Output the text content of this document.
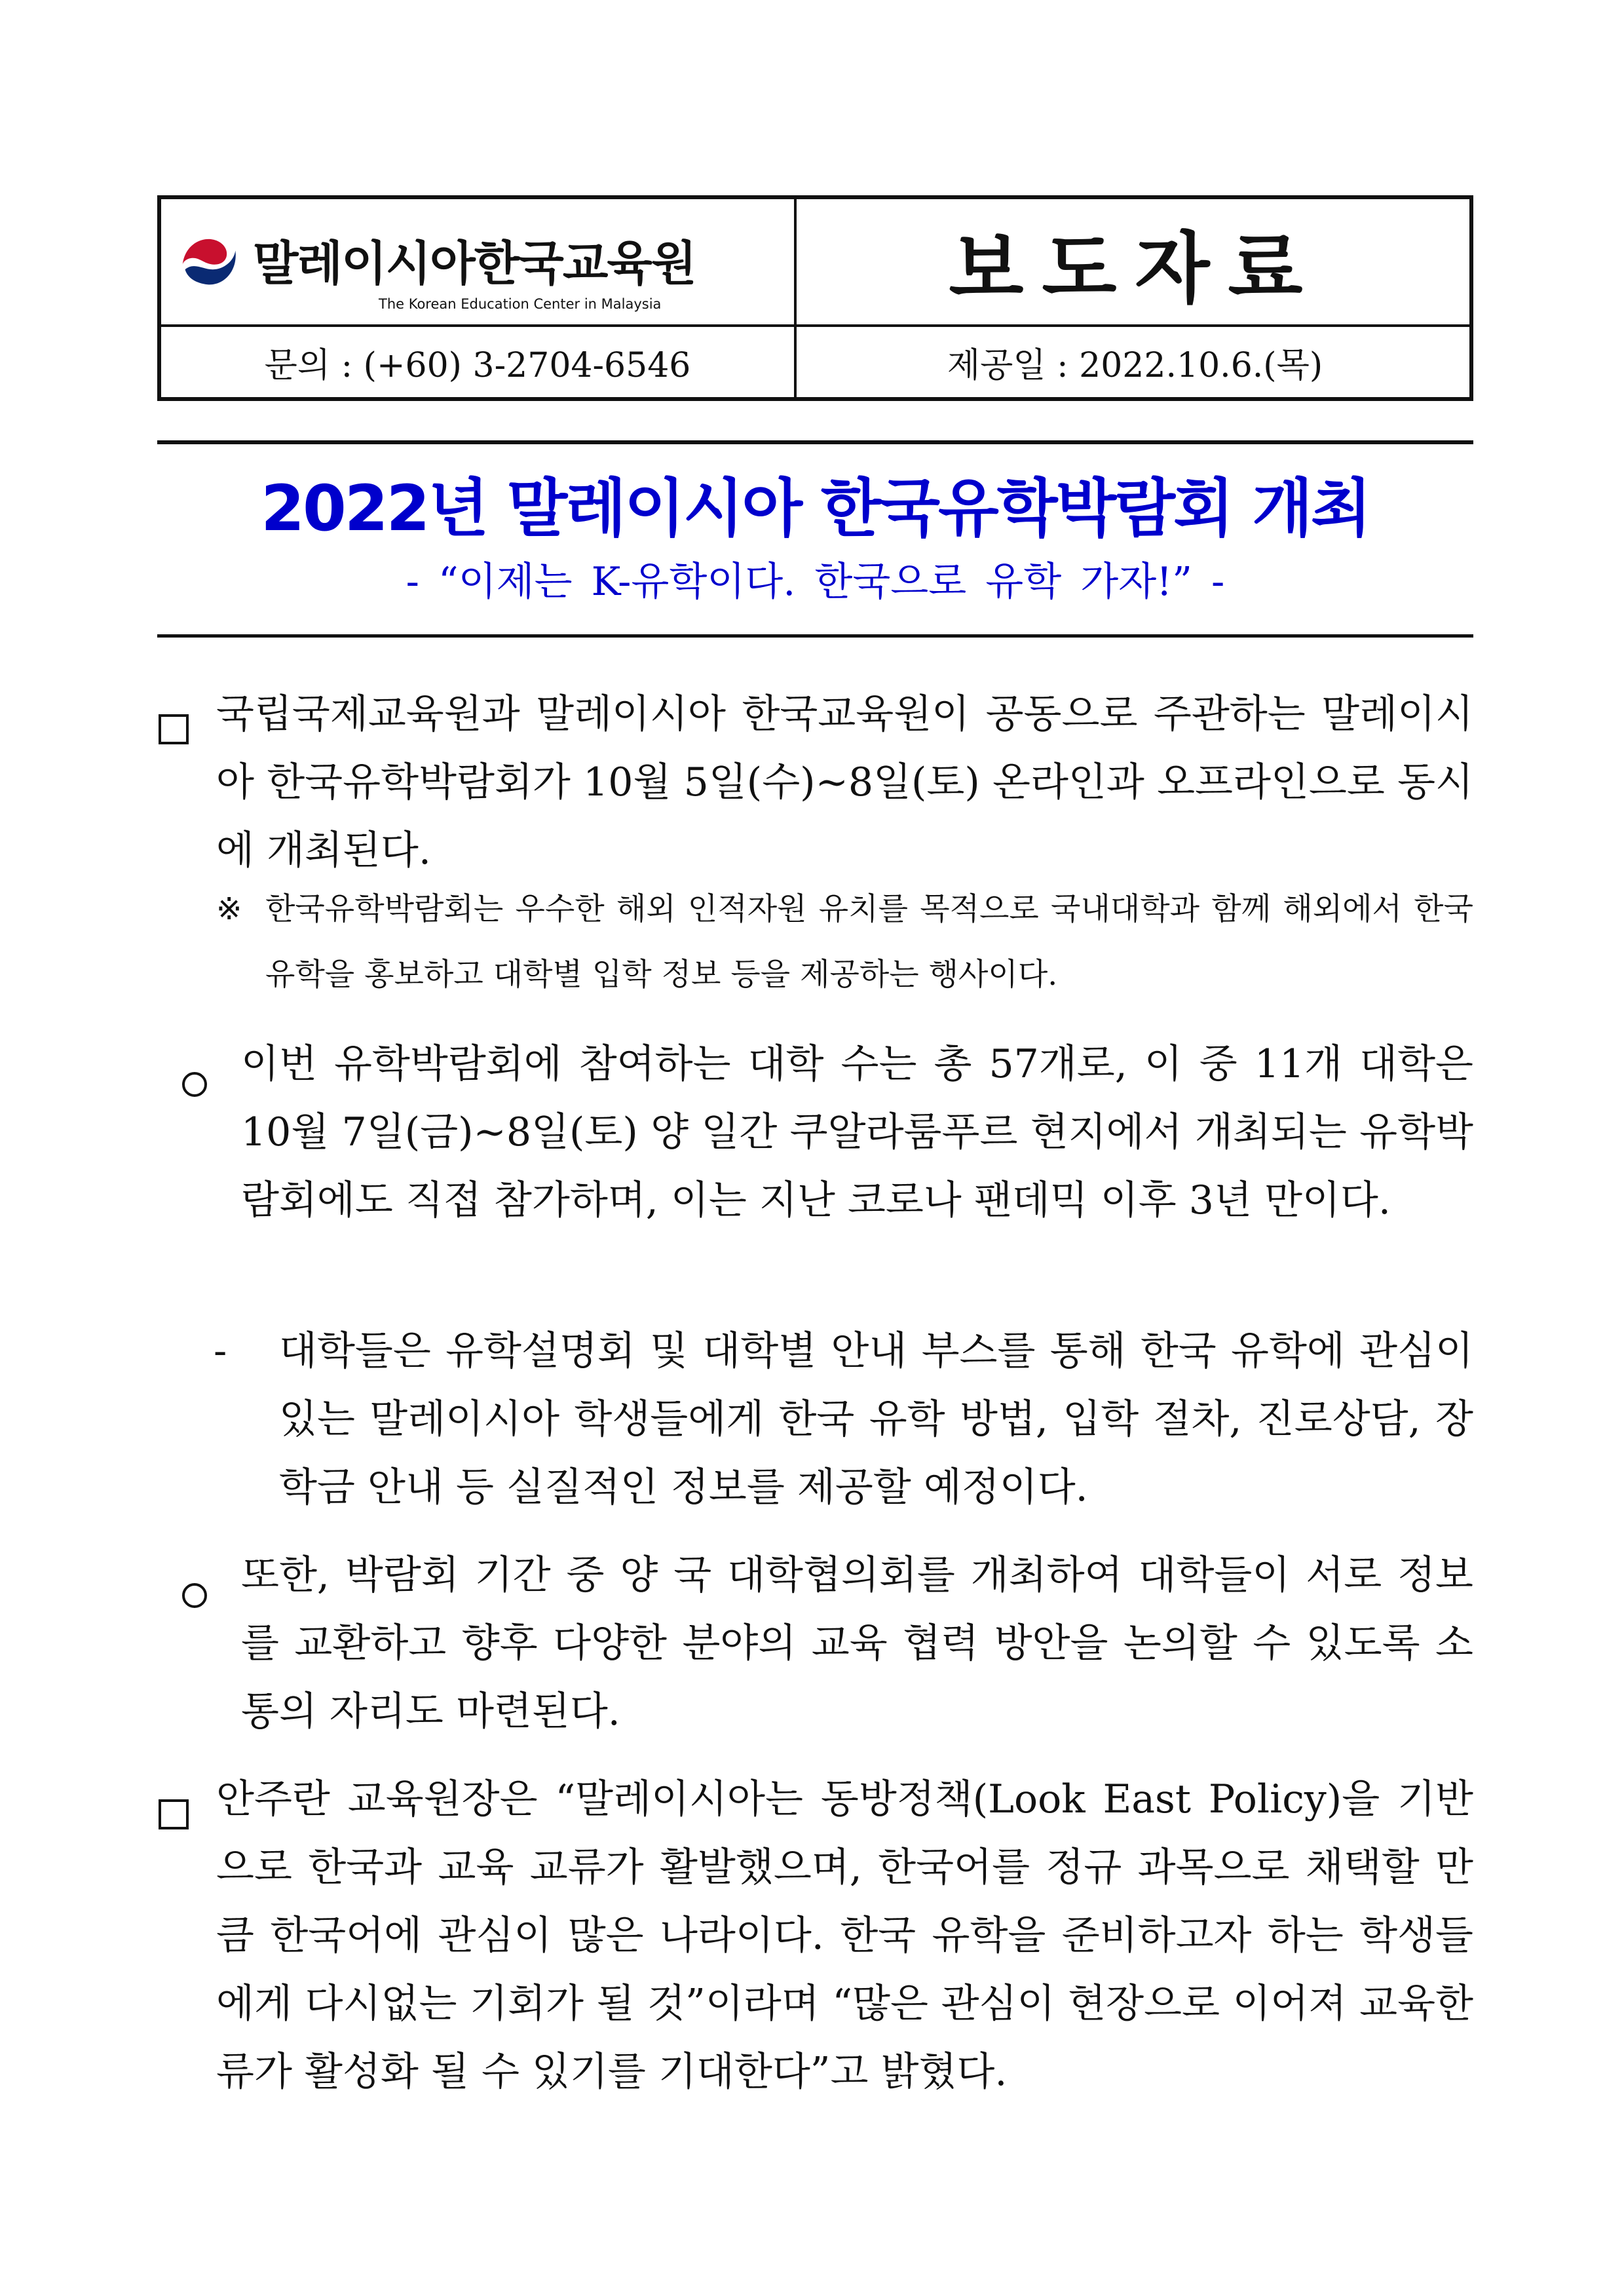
말레이시아한국교육원
The Korean Education Center in Malaysia	보도자료
문의 : (+60) 3-2704-6546	제공일 : 2022.10.6.(목)
2022년 말레이시아 한국유학박람회 개최
- “이제는 K-유학이다. 한국으로 유학 가자!” -
국립국제교육원과 말레이시아 한국교육원이 공동으로 주관하는 말레이시아 한국유학박람회가 10월 5일(수)~8일(토) 온라인과 오프라인으로 동시에 개최된다.
※ 한국유학박람회는 우수한 해외 인적자원 유치를 목적으로 국내대학과 함께 해외에서 한국유학을 홍보하고 대학별 입학 정보 등을 제공하는 행사이다.
이번 유학박람회에 참여하는 대학 수는 총 57개로, 이 중 11개 대학은 10월 7일(금)~8일(토) 양 일간 쿠알라룸푸르 현지에서 개최되는 유학박람회에도 직접 참가하며, 이는 지난 코로나 팬데믹 이후 3년 만이다.
- 대학들은 유학설명회 및 대학별 안내 부스를 통해 한국 유학에 관심이 있는 말레이시아 학생들에게 한국 유학 방법, 입학 절차, 진로상담, 장학금 안내 등 실질적인 정보를 제공할 예정이다.
또한, 박람회 기간 중 양 국 대학협의회를 개최하여 대학들이 서로 정보를 교환하고 향후 다양한 분야의 교육 협력 방안을 논의할 수 있도록 소통의 자리도 마련된다.
안주란 교육원장은 “말레이시아는 동방정책(Look East Policy)을 기반으로 한국과 교육 교류가 활발했으며, 한국어를 정규 과목으로 채택할 만큼 한국어에 관심이 많은 나라이다. 한국 유학을 준비하고자 하는 학생들에게 다시없는 기회가 될 것”이라며 “많은 관심이 현장으로 이어져 교육한류가 활성화 될 수 있기를 기대한다”고 밝혔다.
